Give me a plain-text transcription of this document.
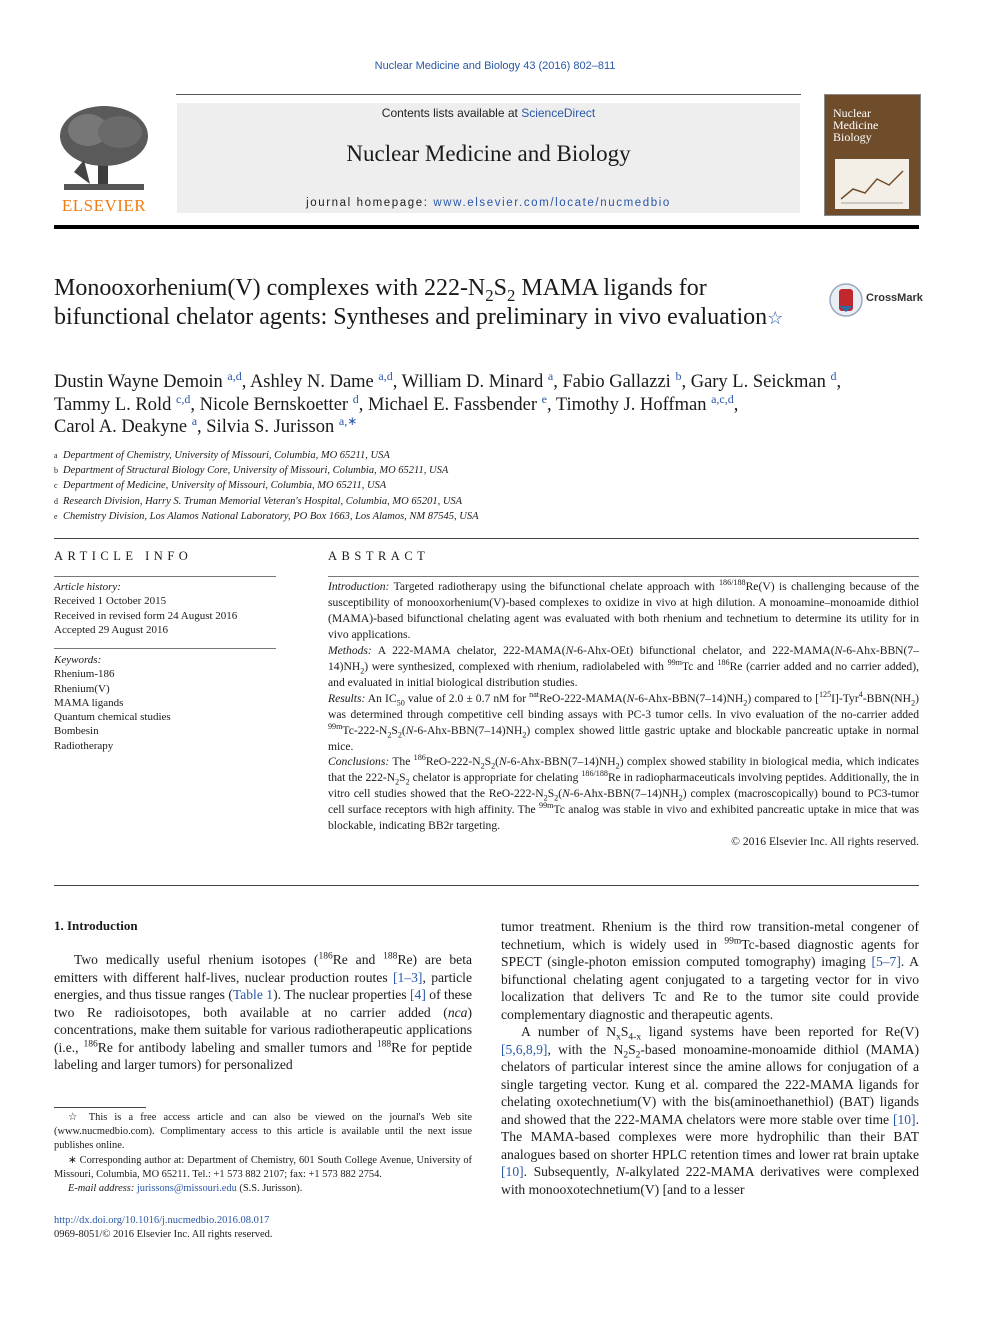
Nuclear Medicine and Biology 43 (2016) 802–811
ELSEVIER
Contents lists available at ScienceDirect
Nuclear Medicine and Biology
journal homepage: www.elsevier.com/locate/nucmedbio
Nuclear
Medicine
Biology
Monooxorhenium(V) complexes with $222-N_2S_2$ MAMA ligands for bifunctional chelator agents: Syntheses and preliminary in vivo evaluation☆
CrossMark
Dustin Wayne Demoin $^{a,d}$, Ashley N. Dame $^{a,d}$, William D. Minard $^a$, Fabio Gallazzi $^b$, Gary L. Seickman $^d$,
Tammy L. Rold $^{c,d}$, Nicole Bernskoetter $^d$, Michael E. Fassbender $^e$, Timothy J. Hoffman $^{a,c,d}$,
Carol A. Deakyne $^a$, Silvia S. Jurisson $^{a,∗}$
a Department of Chemistry, University of Missouri, Columbia, MO 65211, USA
b Department of Structural Biology Core, University of Missouri, Columbia, MO 65211, USA
c Department of Medicine, University of Missouri, Columbia, MO 65211, USA
d Research Division, Harry S. Truman Memorial Veteran's Hospital, Columbia, MO 65201, USA
e Chemistry Division, Los Alamos National Laboratory, PO Box 1663, Los Alamos, NM 87545, USA
ARTICLE INFO	ABSTRACT
Article history:
Received 1 October 2015
Received in revised form 24 August 2016
Accepted 29 August 2016
Keywords:
Rhenium-186
Rhenium(V)
MAMA ligands
Quantum chemical studies
Bombesin
Radiotherapy

Introduction: Targeted radiotherapy using the bifunctional chelate approach with $^{186/188}$Re(V) is challenging because of the susceptibility of monooxorhenium(V)-based complexes to oxidize in vivo at high dilution. A monoamine–monoamide dithiol (MAMA)-based bifunctional chelating agent was evaluated with both rhenium and technetium to determine its utility for in vivo applications.

Methods: A 222-MAMA chelator, 222-MAMA(N-6-Ahx-OEt) bifunctional chelator, and $222-MAMA(N-6-Ahx-BBN(7-14)NH_2)$ were synthesized, complexed with rhenium, radiolabeled with $^{99m}$Tc and $^{186}$Re (carrier added and no carrier added), and evaluated in initial biological distribution studies.

Results: An $IC_{50}$ value of 2.0 ± 0.7 nM for $^{nat}ReO-222-MAMA(N-6-Ahx-BBN(7-14)NH_2)$ compared to $[^{125}I]-Tyr^4-BBN(NH_2)$ was determined through competitive cell binding assays with PC-3 tumor cells. In vivo evaluation of the no-carrier added $^{99m}Tc-222-N_2S_2(N-6-Ahx-BBN(7-14)NH_2)$ complex showed little gastric uptake and blockable pancreatic uptake in normal mice.

Conclusions: The $^{186}ReO-222-N_2S_2(N-6-Ahx-BBN(7-14)NH_2)$ complex showed stability in biological media, which indicates that the $222-N_2S_2$ chelator is appropriate for chelating $^{186/188}$Re in radiopharmaceuticals involving peptides. Additionally, the in vitro cell studies showed that the ReO-$222-N_2S_2(N-6-Ahx-BBN(7-14)NH_2)$ complex (macroscopically) bound to PC3-tumor cell surface receptors with high affinity. The $^{99m}$Tc analog was stable in vivo and exhibited pancreatic uptake in mice that was blockable, indicating BB2r targeting.

© 2016 Elsevier Inc. All rights reserved.

1. Introduction

Two medically useful rhenium isotopes ($^{186}$Re and $^{188}$Re) are beta emitters with different half-lives, nuclear production routes [1–3], particle energies, and thus tissue ranges (Table 1). The nuclear properties [4] of these two Re radioisotopes, both available at no carrier added (nca) concentrations, make them suitable for various radiotherapeutic applications (i.e., $^{186}$Re for antibody labeling and smaller tumors and $^{188}$Re for peptide labeling and larger tumors) for personalized

tumor treatment. Rhenium is the third row transition-metal congener of technetium, which is widely used in $^{99m}$Tc-based diagnostic agents for SPECT (single-photon emission computed tomography) imaging [5–7]. A bifunctional chelating agent conjugated to a targeting vector for in vivo localization that delivers Tc and Re to the tumor site could provide complementary diagnostic and therapeutic agents.

A number of $N_xS_{4-x}$ ligand systems have been reported for Re(V) [5,6,8,9], with the $N_2S_2$-based monoamine-monoamide dithiol (MAMA) chelators of particular interest since the amine allows for conjugation of a single targeting vector. Kung et al. compared the 222-MAMA ligands for chelating oxotechnetium(V) with the bis(aminoethanethiol) (BAT) ligands and showed that the 222-MAMA chelators were more stable over time [10]. The MAMA-based complexes were more hydrophilic than their BAT analogues based on shorter HPLC retention times and lower rat brain uptake [10]. Subsequently, N-alkylated 222-MAMA derivatives were complexed with monooxotechnetium(V) [and to a lesser

☆ This is a free access article and can also be viewed on the journal's Web site (www.nucmedbio.com). Complimentary access to this article is available until the next issue publishes online.

∗ Corresponding author at: Department of Chemistry, 601 South College Avenue, University of Missouri, Columbia, MO 65211. Tel.: +1 573 882 2107; fax: +1 573 882 2754.

E-mail address: jurissons@missouri.edu (S.S. Jurisson).

http://dx.doi.org/10.1016/j.nucmedbio.2016.08.017
0969-8051/© 2016 Elsevier Inc. All rights reserved.
